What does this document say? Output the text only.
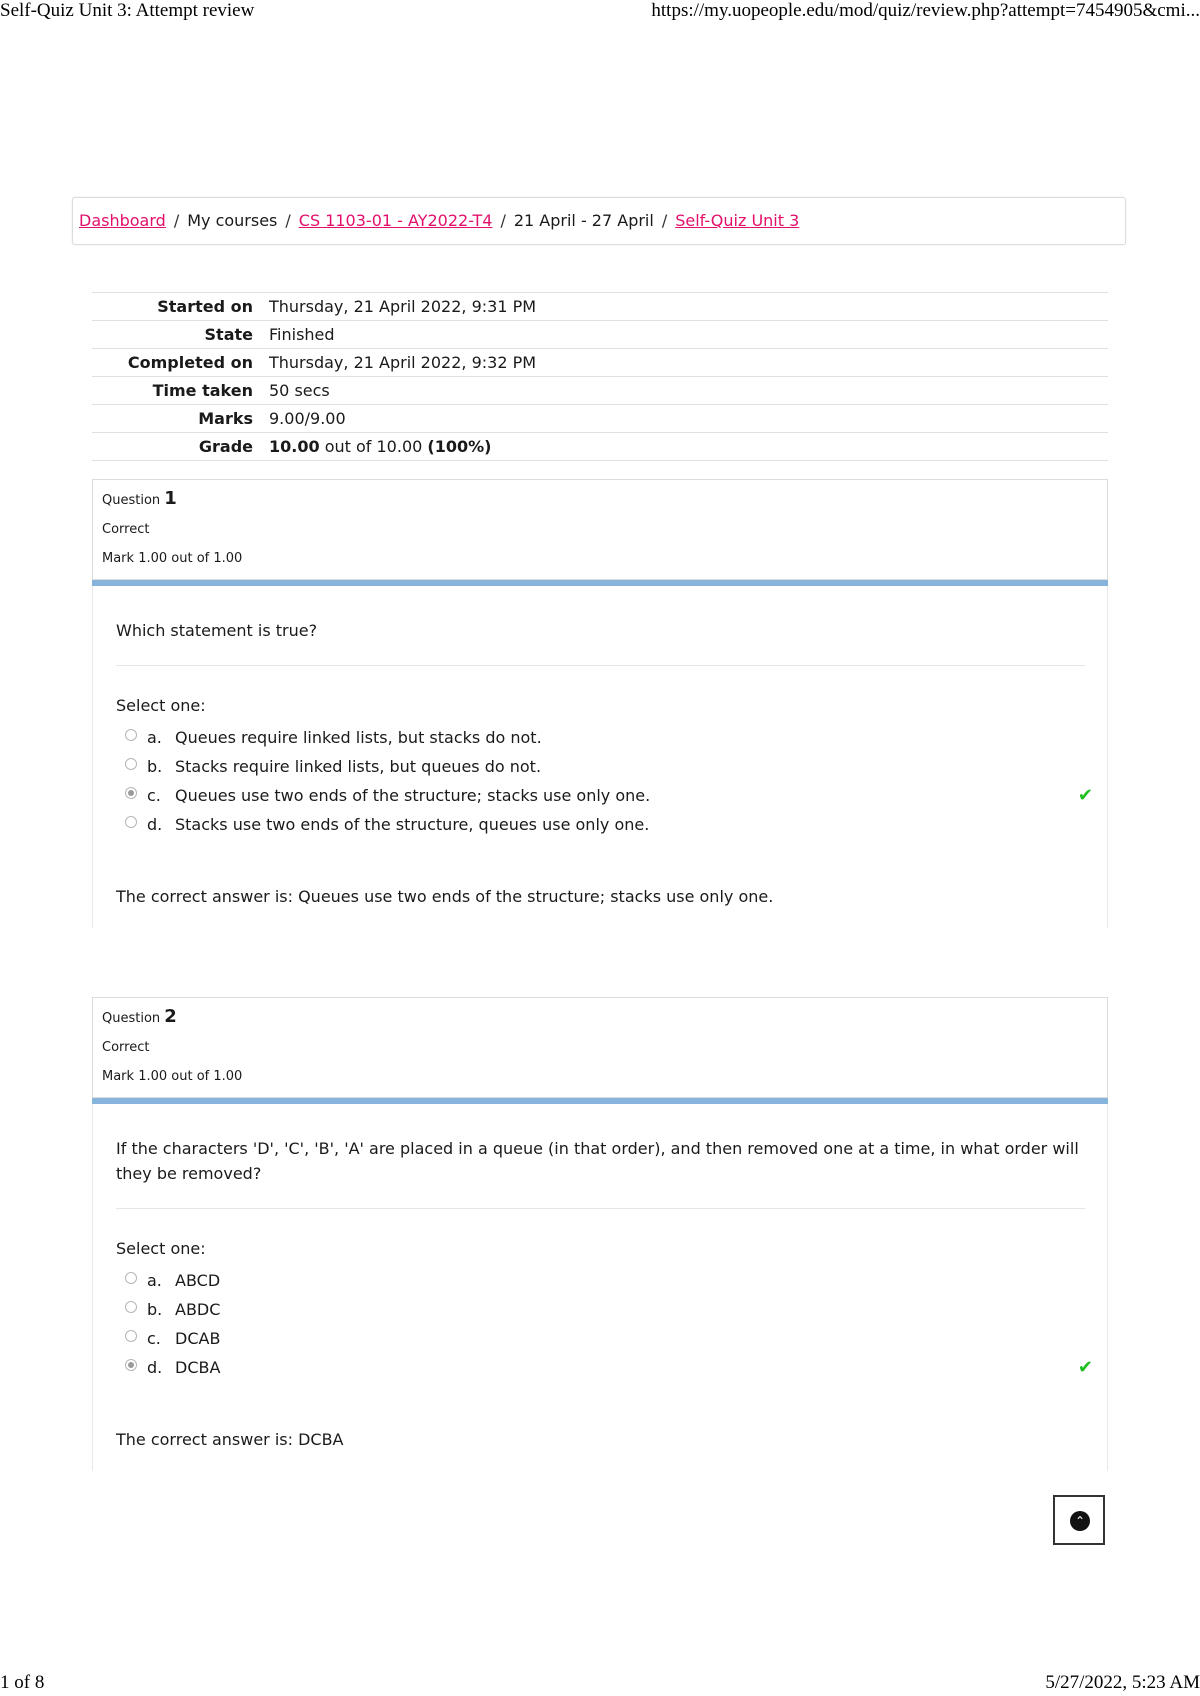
Self-Quiz Unit 3: Attempt review	https://my.uopeople.edu/mod/quiz/review.php?attempt=7454905&cmi...
Dashboard / My courses / CS 1103-01 - AY2022-T4 / 21 April - 27 April / Self-Quiz Unit 3
Started on	Thursday, 21 April 2022, 9:31 PM
State	Finished
Completed on	Thursday, 21 April 2022, 9:32 PM
Time taken	50 secs
Marks	9.00/9.00
Grade	10.00 out of 10.00 (100%)
Question 1
Correct
Mark 1.00 out of 1.00
Which statement is true?
Select one:
a. Queues require linked lists, but stacks do not.
b. Stacks require linked lists, but queues do not.
c. Queues use two ends of the structure; stacks use only one.	✔
d. Stacks use two ends of the structure, queues use only one.
The correct answer is: Queues use two ends of the structure; stacks use only one.
Question 2
Correct
Mark 1.00 out of 1.00
If the characters 'D', 'C', 'B', 'A' are placed in a queue (in that order), and then removed one at a time, in what order will they be removed?
Select one:
a. ABCD
b. ABDC
c. DCAB
d. DCBA	✔
The correct answer is: DCBA
⌃
1 of 8	5/27/2022, 5:23 AM
